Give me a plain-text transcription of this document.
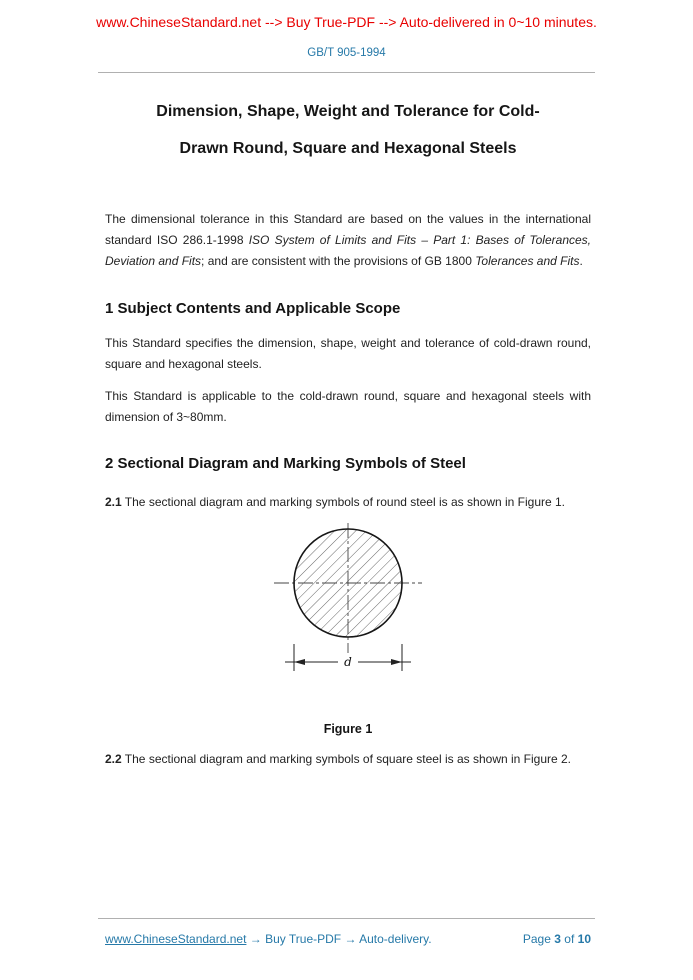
www.ChineseStandard.net --> Buy True-PDF --> Auto-delivered in 0~10 minutes.
GB/T 905-1994
Dimension, Shape, Weight and Tolerance for Cold-
Drawn Round, Square and Hexagonal Steels

The dimensional tolerance in this Standard are based on the values in the international standard ISO 286.1-1998 ISO System of Limits and Fits – Part 1: Bases of Tolerances, Deviation and Fits; and are consistent with the provisions of GB 1800 Tolerances and Fits.

1 Subject Contents and Applicable Scope

This Standard specifies the dimension, shape, weight and tolerance of cold-drawn round, square and hexagonal steels.

This Standard is applicable to the cold-drawn round, square and hexagonal steels with dimension of 3~80mm.

2 Sectional Diagram and Marking Symbols of Steel

2.1 The sectional diagram and marking symbols of round steel is as shown in Figure 1.

d
Figure 1

2.2 The sectional diagram and marking symbols of square steel is as shown in Figure 2.

www.ChineseStandard.net → Buy True-PDF → Auto-delivery.	Page 3 of 10
